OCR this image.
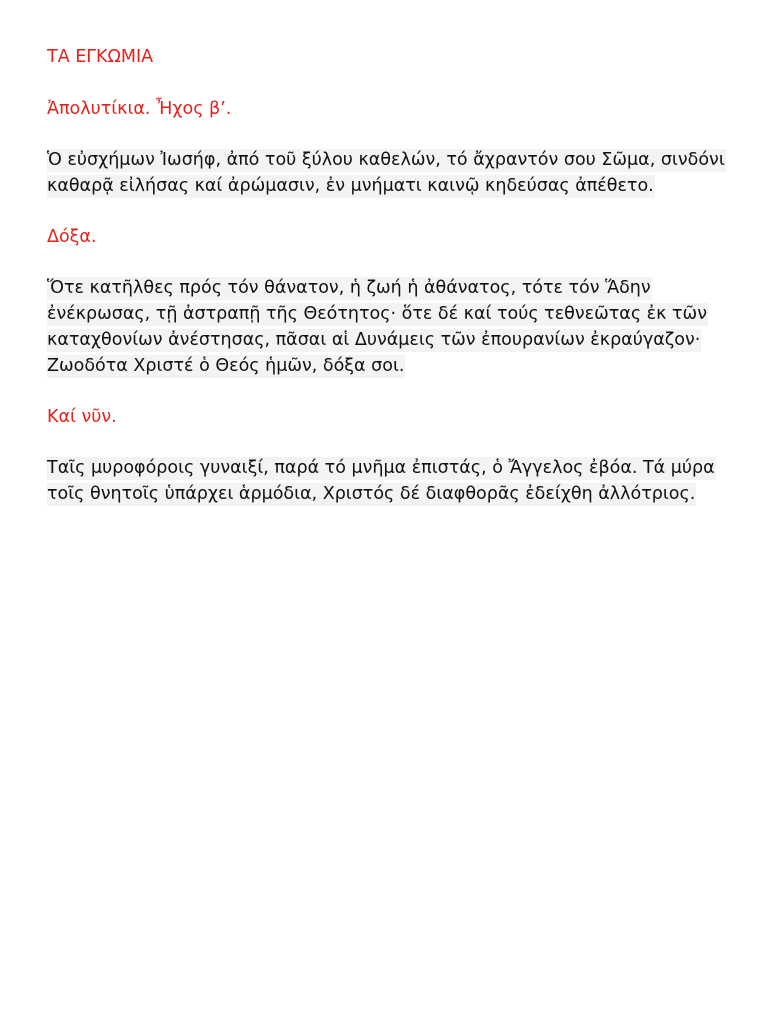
ΤΑ ΕΓΚΩΜΙΑ

Ἀπολυτίκια. Ἦχος β’.

Ὁ εὐσχήμων Ἰωσήφ, ἀπό τοῦ ξύλου καθελών, τό ἄχραντόν σου Σῶμα, σινδόνι καθαρᾷ εἰλήσας καί ἀρώμασιν, ἐν μνήματι καινῷ κηδεύσας ἀπέθετο.

Δόξα.

Ὅτε κατῆλθες πρός τόν θάνατον, ἡ ζωή ἡ ἀθάνατος, τότε τόν Ἅδην ἐνέκρωσας, τῇ ἀστραπῇ τῆς Θεότητος· ὅτε δέ καί τούς τεθνεῶτας ἐκ τῶν καταχθονίων ἀνέστησας, πᾶσαι αἱ Δυνάμεις τῶν ἐπουρανίων ἐκραύγαζον· Ζωοδότα Χριστέ ὁ Θεός ἡμῶν, δόξα σοι.

Καί νῦν.

Ταῖς μυροφόροις γυναιξί, παρά τό μνῆμα ἐπιστάς, ὁ Ἄγγελος ἐβόα. Τά μύρα τοῖς θνητοῖς ὑπάρχει ἁρμόδια, Χριστός δέ διαφθορᾶς ἐδείχθη ἀλλότριος.
